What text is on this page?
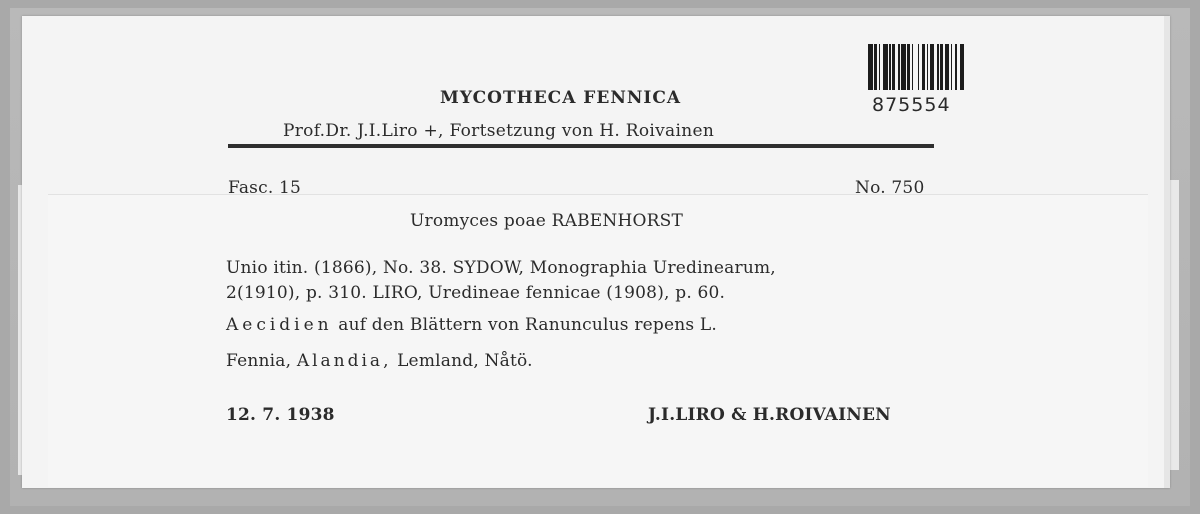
875554
MYCOTHECA FENNICA
Prof.Dr. J.I.Liro +, Fortsetzung von H. Roivainen
Fasc. 15	No. 750
Uromyces poae RABENHORST
Unio itin. (1866), No. 38. SYDOW, Monographia Uredinearum,
2(1910), p. 310. LIRO, Uredineae fennicae (1908), p. 60.
Aecidien auf den Blättern von Ranunculus repens L.
Fennia, Alandia, Lemland, Nåtö.
12. 7. 1938	J.I.LIRO & H.ROIVAINEN
